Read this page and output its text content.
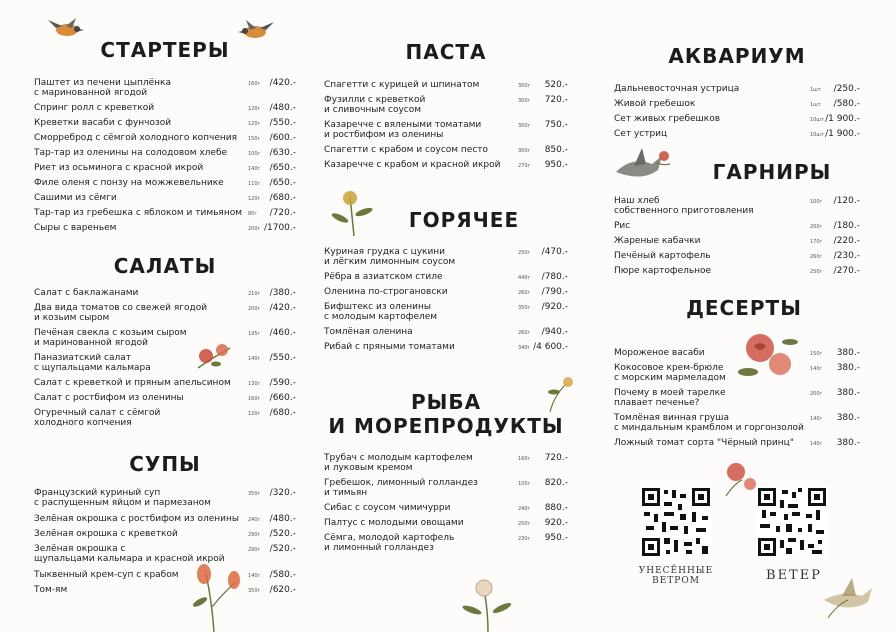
СТАРТЕРЫ
Паштет из печени цыплёнка
с маринованной ягодой
160г	/420.-
Спринг ролл с креветкой	120г	/480.-
Креветки васаби с фунчозой	120г	/550.-
Сморреброд с сёмгой холодного копчения 150г	/600.-
Тар-тар из оленины на солодовом хлебе	100г	/630.-
Риет из осьминога с красной икрой	140г	/650.-
Филе оленя с понзу на можжевельнике	110г	/650.-
Сашими из сёмги	120г	/680.-
Тар-тар из гребешка с яблоком и тимьяном 80г	/720.-
Сыры с вареньем	200г /1700.-
САЛАТЫ
Салат с баклажанами	210г	/380.-
Два вида томатов со свежей ягодой
и козьим сыром
200г	/420.-
Печёная свекла с козьим сыром
и маринованной ягодой
195г	/460.-
Паназиатский салат
с щупальцами кальмара
140г	/550.-
Салат с креветкой и пряным апельсином	130г	/590.-
Салат с ростбифом из оленины	160г	/660.-
Огуречный салат с сёмгой
холодного копчения
120г	/680.-
СУПЫ
Французский куриный суп
с распущенным яйцом и пармезаном
350г	/320.-
Зелёная окрошка с ростбифом из оленины 240г	/480.-
Зелёная окрошка с креветкой	290г	/520.-
Зелёная окрошка с
щупальцами кальмара и красной икрой
290г	/520.-
Тыквенный крем-суп с крабом	140г	/580.-
Том-ям	350г	/620.-
ПАСТА
Спагетти с курицей и шпинатом	300г	520.-
Фузилли с креветкой
и сливочным соусом
300г	720.-
Казаречче с вялеными томатами
и ростбифом из оленины
300г	750.-
Спагетти с крабом и соусом песто	300г	850.-
Казаречче с крабом и красной икрой	270г	950.-
ГОРЯЧЕЕ
Куриная грудка с цукини
и лёгким лимонным соусом
250г	/470.-
Рёбра в азиатском стиле	440г	/780.-
Оленина по-строгановски	260г	/790.-
Бифштекс из оленины
с молодым картофелем
350г	/920.-
Томлёная оленина	260г	/940.-
Рибай с пряными томатами	340г /4 600.-
РЫБА
И МОРЕПРОДУКТЫ
Трубач с молодым картофелем
и луковым кремом
160г	720.-
Гребешок, лимонный голландез
и тимьян
100г	820.-
Сибас с соусом чимичурри	240г	880.-
Палтус с молодыми овощами	200г	920.-
Сёмга, молодой картофель
и лимонный голландез
230г	950.-
АКВАРИУМ
Дальневосточная устрица	1шт	/250.-
Живой гребешок	1шт	/580.-
Сет живых гребешков	10шт /1 900.-
Сет устриц	10шт /1 900.-
ГАРНИРЫ
Наш хлеб
собственного приготовления
100г	/120.-
Рис	200г	/180.-
Жареные кабачки	170г	/220.-
Печёный картофель	260г	/230.-
Пюре картофельное	250г	/270.-
ДЕСЕРТЫ
Мороженое васаби	150г	380.-
Кокосовое крем-брюле
с морским мармеладом
140г	380.-
Почему в моей тарелке
плавает печенье?
200г	380.-
Томлёная винная груша
с миндальным крамблом и горгонзолой
140г	380.-
Ложный томат сорта "Чёрный принц"	140г	380.-
УНЕСЁННЫЕ
ВЕТРОМ	ВЕТЕР
